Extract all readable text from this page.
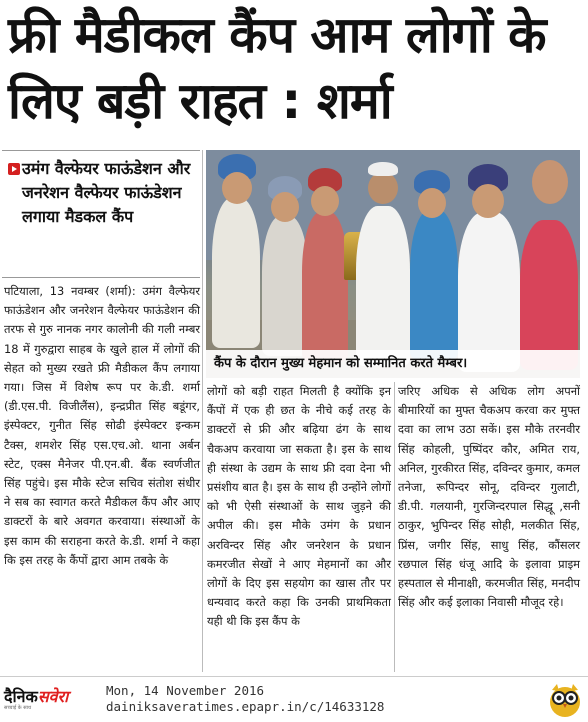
फ्री मैडीकल कैंप आम लोगों के लिए बड़ी राहत : शर्मा
उमंग वैल्फेयर फाऊंडेशन और जनरेशन वैल्फेयर फाऊंडेशन लगाया मैडकल कैंप
कैंप के दौरान मुख्य मेहमान को सम्मानित करते मैम्बर।

पटियाला, 13 नवम्बर (शर्मा): उमंग वैल्फेयर फाऊंडेशन और जनरेशन वैल्फेयर फाऊंडेशन की तरफ से गुरु नानक नगर कालोनी की गली नम्बर 18 में गुरुद्वारा साहब के खुले हाल में लोगों की सेहत को मुख्य रखते फ्री मैडीकल कैंप लगाया गया। जिस में विशेष रूप पर के.डी. शर्मा (डी.एस.पी. विजीलैंस), इन्द्रप्रीत सिंह बडूंगर, इंस्पेक्टर, गुनीत सिंह सोढी इंस्पेक्टर इन्कम टैक्स, शमशेर सिंह एस.एच.ओ. थाना अर्बन स्टेट, एक्स मैनेजर पी.एन.बी. बैंक स्वर्णजीत सिंह पहुंचे। इस मौके स्टेज सचिव संतोश संधीर ने सब का स्वागत करते मैडीकल कैंप और आए डाक्टरों के बारे अवगत करवाया। संस्थाओं के इस काम की सराहना करते के.डी. शर्मा ने कहा कि इस तरह के कैंपों द्वारा आम तबके के

लोगों को बड़ी राहत मिलती है क्योंकि इन कैंपों में एक ही छत के नीचे कई तरह के डाक्टरों से फ्री और बढ़िया ढंग के साथ चैकअप करवाया जा सकता है। इस के साथ ही संस्था के उद्यम के साथ फ्री दवा देना भी प्रसंशीय बात है। इस के साथ ही उन्होंने लोगों को भी ऐसी संस्थाओं के साथ जुड़ने की अपील की। इस मौके उमंग के प्रधान अरविन्दर सिंह और जनरेशन के प्रधान कमरजीत सेखों ने आए मेहमानों का और लोगों के दिए इस सहयोग का खास तौर पर धन्यवाद करते कहा कि उनकी प्राथमिकता यही थी कि इस कैंप के

जरिए अधिक से अधिक लोग अपनों बीमारियों का मुफ्त चैकअप करवा कर मुफ्त दवा का लाभ उठा सकें। इस मौके तरनवीर सिंह कोहली, पुष्पिंदर कौर, अमित राय, अनिल, गुरकीरत सिंह, दविन्दर कुमार, कमल तनेजा, रूपिन्दर सोनू, दविन्दर गुलाटी, डी.पी. गलयानी, गुरजिन्दरपाल सिद्धू ,सनी ठाकुर, भुपिन्दर सिंह सोही, मलकीत सिंह, प्रिंस, जगीर सिंह, साधु सिंह, कौंसलर रछपाल सिंह धंजू आदि के इलावा प्राइम हस्पताल से मीनाक्षी, करमजीत सिंह, मनदीप सिंह और कई इलाका निवासी मौजूद रहे।

दैनिकसवेरा
सच्चाई के साथ
Mon, 14 November 2016
dainiksaveratimes.epapr.in/c/14633128
